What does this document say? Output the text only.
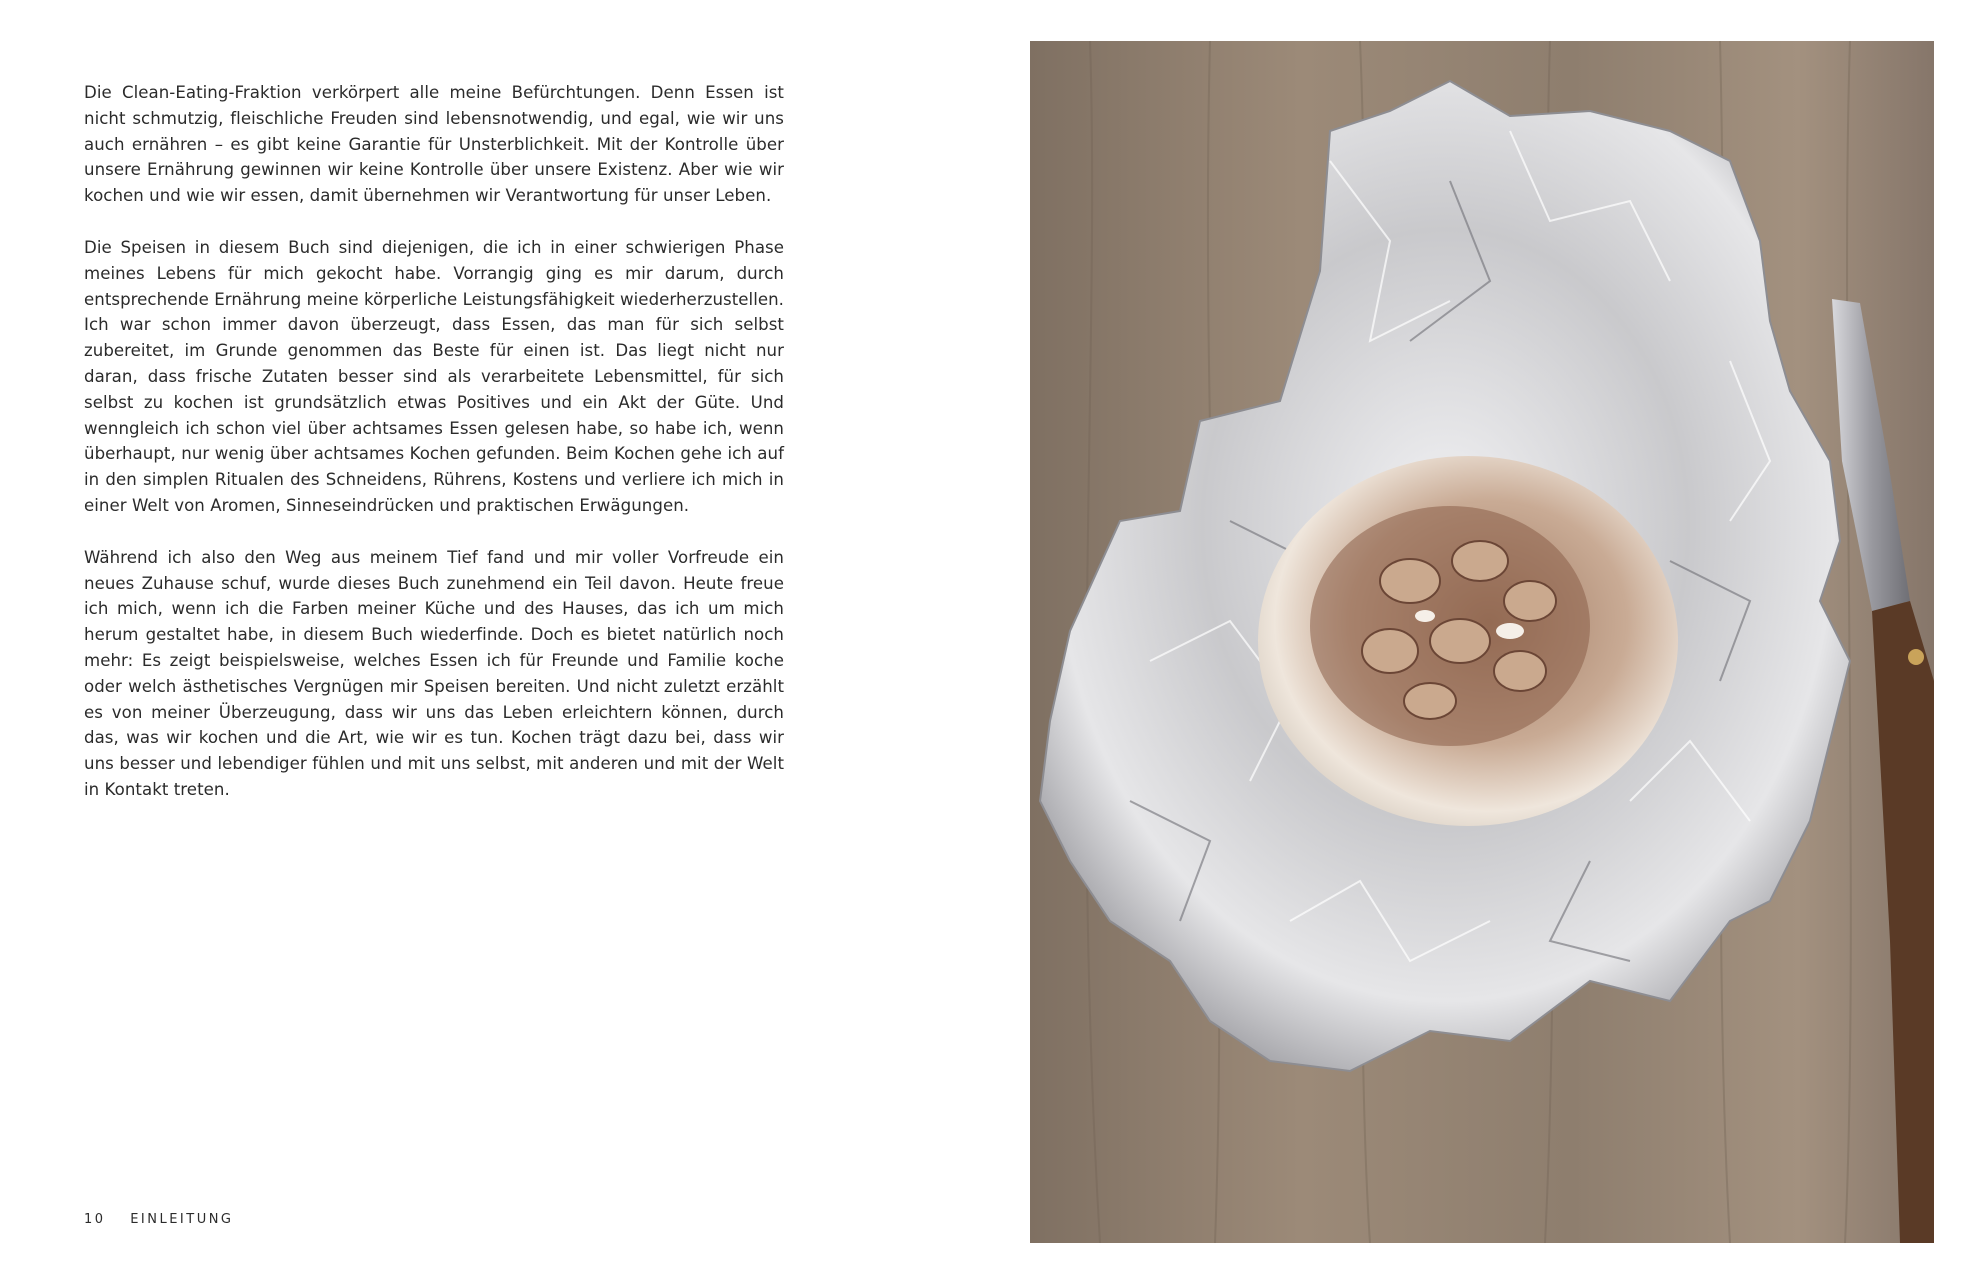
Die Clean-Eating-Fraktion verkörpert alle meine Befürchtungen. Denn Essen ist nicht schmutzig, fleischliche Freuden sind lebensnotwendig, und egal, wie wir uns auch ernähren – es gibt keine Garantie für Unsterblichkeit. Mit der Kontrolle über unsere Ernährung gewinnen wir keine Kontrolle über unsere Existenz. Aber wie wir kochen und wie wir essen, damit übernehmen wir Verantwortung für unser Leben.

Die Speisen in diesem Buch sind diejenigen, die ich in einer schwierigen Phase meines Lebens für mich gekocht habe. Vorrangig ging es mir darum, durch entsprechende Ernährung meine körperliche Leistungsfähigkeit wiederherzustellen. Ich war schon immer davon überzeugt, dass Essen, das man für sich selbst zubereitet, im Grunde genommen das Beste für einen ist. Das liegt nicht nur daran, dass frische Zutaten besser sind als verarbeitete Lebensmittel, für sich selbst zu kochen ist grundsätzlich etwas Positives und ein Akt der Güte. Und wenngleich ich schon viel über achtsames Essen gelesen habe, so habe ich, wenn überhaupt, nur wenig über achtsames Kochen gefunden. Beim Kochen gehe ich auf in den simplen Ritualen des Schneidens, Rührens, Kostens und verliere ich mich in einer Welt von Aromen, Sinneseindrücken und praktischen Erwägungen.

Während ich also den Weg aus meinem Tief fand und mir voller Vorfreude ein neues Zuhause schuf, wurde dieses Buch zunehmend ein Teil davon. Heute freue ich mich, wenn ich die Farben meiner Küche und des Hauses, das ich um mich herum gestaltet habe, in diesem Buch wiederfinde. Doch es bietet natürlich noch mehr: Es zeigt beispielsweise, welches Essen ich für Freunde und Familie koche oder welch ästhetisches Vergnügen mir Speisen bereiten. Und nicht zuletzt erzählt es von meiner Überzeugung, dass wir uns das Leben erleichtern können, durch das, was wir kochen und die Art, wie wir es tun. Kochen trägt dazu bei, dass wir uns besser und lebendiger fühlen und mit uns selbst, mit anderen und mit der Welt in Kontakt treten.

10 EINLEITUNG
